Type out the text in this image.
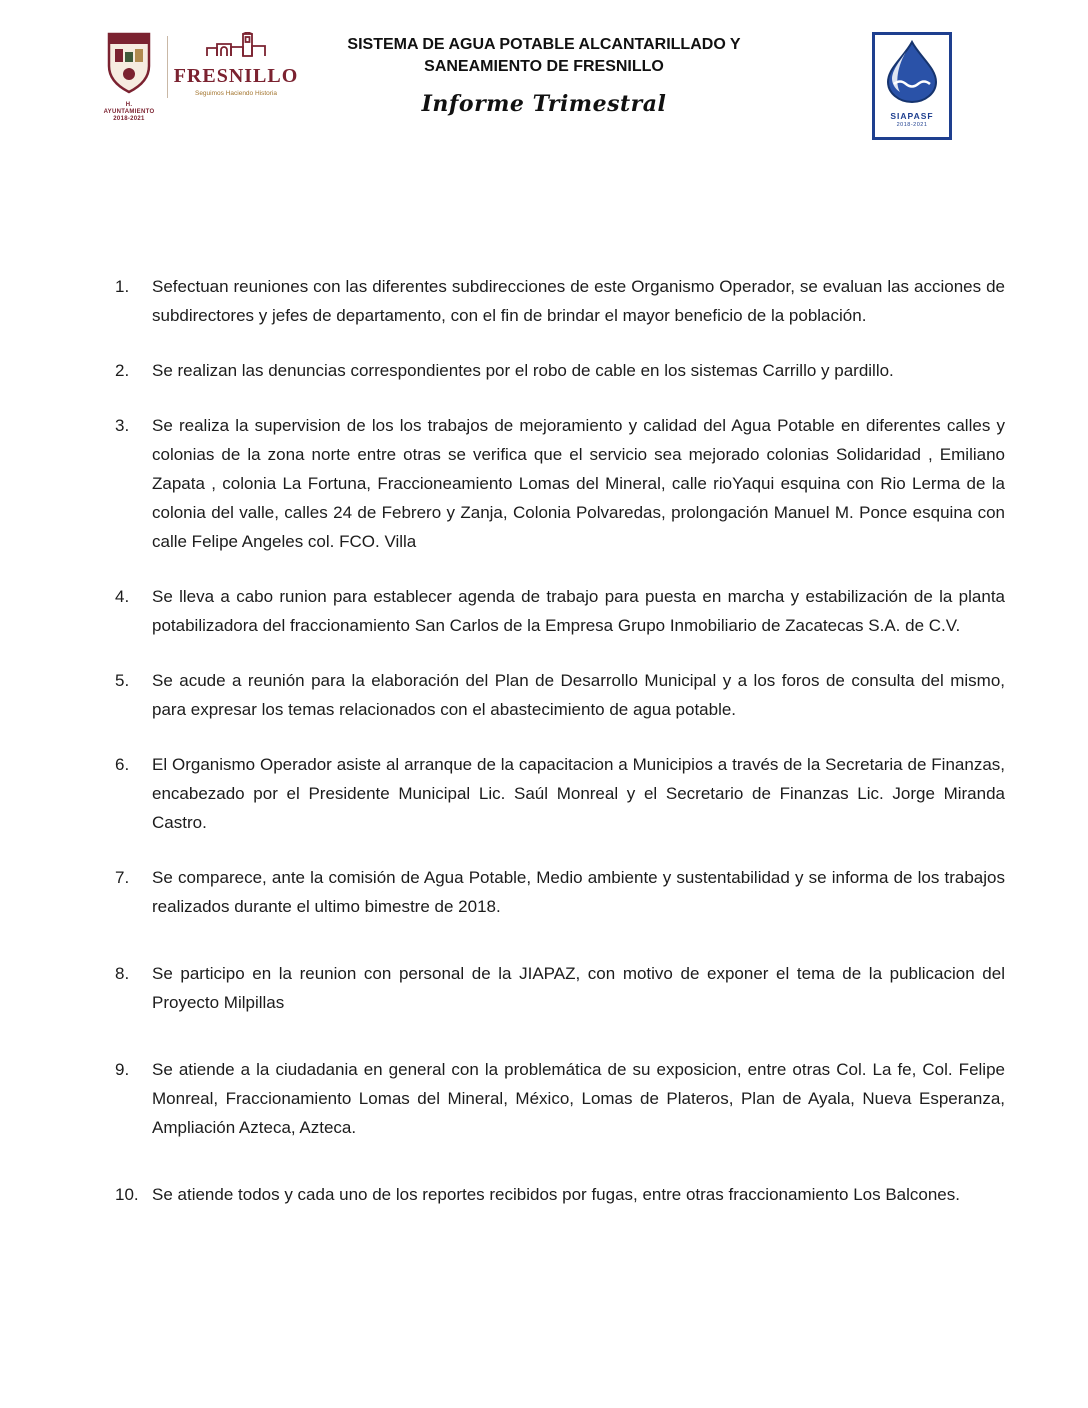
H. AYUNTAMIENTO
2018-2021
FRESNILLO
Seguimos Haciendo Historia
SISTEMA DE AGUA POTABLE ALCANTARILLADO Y
SANEAMIENTO DE FRESNILLO
Informe Trimestral	SIAPASF
2018-2021
1.	Sefectuan reuniones con las diferentes subdirecciones de este Organismo Operador, se evaluan las acciones de subdirectores y jefes de departamento, con el fin de brindar el mayor beneficio de la población.
2.	Se realizan las denuncias correspondientes por el robo de cable en los sistemas Carrillo y pardillo.
3.	Se realiza la supervision de los los trabajos de mejoramiento y calidad del Agua Potable en diferentes calles y colonias de la zona norte entre otras se verifica que el servicio sea mejorado colonias Solidaridad , Emiliano Zapata , colonia La Fortuna, Fraccioneamiento Lomas del Mineral, calle rioYaqui esquina con Rio Lerma de la colonia del valle, calles 24 de Febrero y Zanja, Colonia Polvaredas, prolongación Manuel M. Ponce esquina con calle Felipe Angeles col. FCO. Villa
4.	Se lleva a cabo runion para establecer agenda de trabajo para puesta en marcha y estabilización de la planta potabilizadora del fraccionamiento San Carlos de la Empresa Grupo Inmobiliario de Zacatecas S.A. de C.V.
5.	Se acude a reunión para la elaboración del Plan de Desarrollo Municipal y a los foros de consulta del mismo, para expresar los temas relacionados con el abastecimiento de agua potable.
6.	El Organismo Operador asiste al arranque de la capacitacion a Municipios a través de la Secretaria de Finanzas, encabezado por el Presidente Municipal Lic. Saúl Monreal y el Secretario de Finanzas Lic. Jorge Miranda Castro.
7.	Se comparece, ante la comisión de Agua Potable, Medio ambiente y sustentabilidad y se informa de los trabajos realizados durante el ultimo bimestre de 2018.
8.	Se participo en la reunion con personal de la JIAPAZ, con motivo de exponer el tema de la publicacion del Proyecto Milpillas
9.	Se atiende a la ciudadania en general con la problemática de su exposicion, entre otras Col. La fe, Col. Felipe Monreal, Fraccionamiento Lomas del Mineral, México, Lomas de Plateros, Plan de Ayala, Nueva Esperanza, Ampliación Azteca, Azteca.
10. Se atiende todos y cada uno de los reportes recibidos por fugas, entre otras fraccionamiento Los Balcones.
